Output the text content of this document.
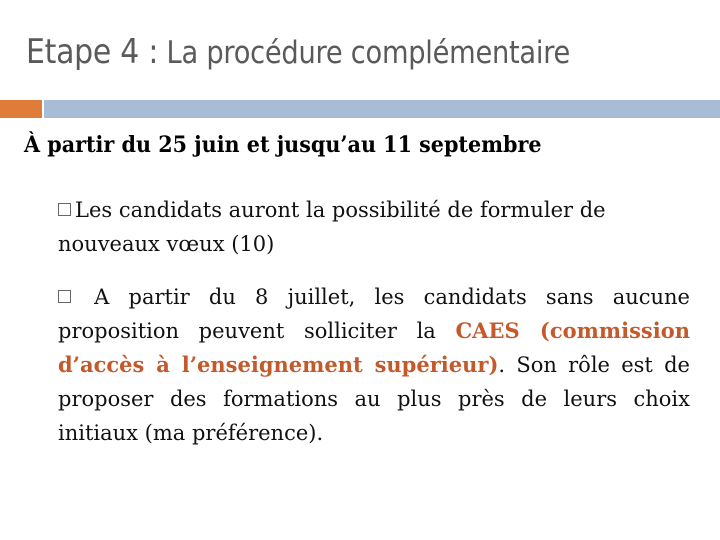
Etape 4 : La procédure complémentaire
À partir du 25 juin et jusqu’au 11 septembre
Les candidats auront la possibilité de formuler de nouveaux vœux (10)
A partir du 8 juillet, les candidats sans aucune proposition peuvent solliciter la CAES (commission d’accès à l’enseignement supérieur). Son rôle est de proposer des formations au plus près de leurs choix initiaux (ma préférence).
